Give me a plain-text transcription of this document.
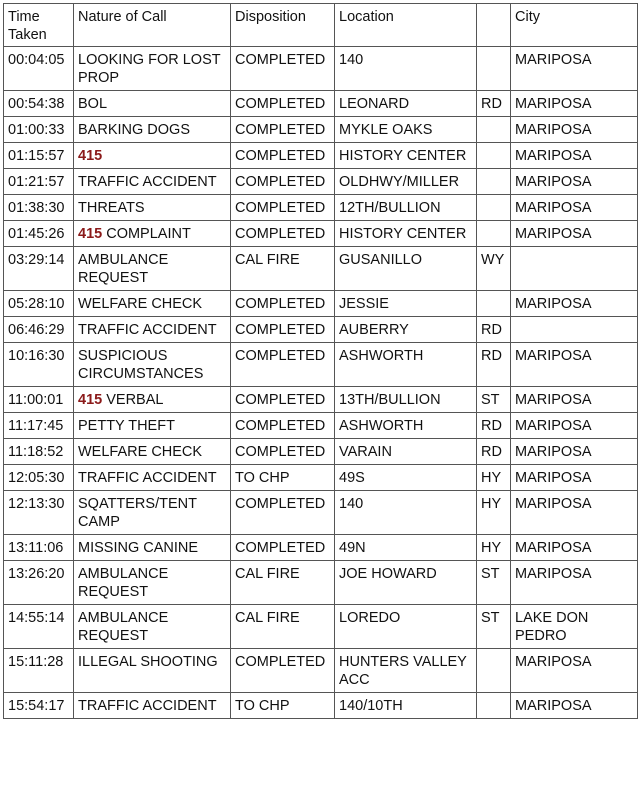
Time Taken	Nature of Call	Disposition	Location		City
00:04:05	LOOKING FOR LOST PROP	COMPLETED	140		MARIPOSA
00:54:38	BOL	COMPLETED	LEONARD	RD	MARIPOSA
01:00:33	BARKING DOGS	COMPLETED	MYKLE OAKS		MARIPOSA
01:15:57	415	COMPLETED	HISTORY CENTER		MARIPOSA
01:21:57	TRAFFIC ACCIDENT	COMPLETED	OLDHWY/MILLER		MARIPOSA
01:38:30	THREATS	COMPLETED	12TH/BULLION		MARIPOSA
01:45:26	415 COMPLAINT	COMPLETED	HISTORY CENTER		MARIPOSA
03:29:14	AMBULANCE REQUEST	CAL FIRE	GUSANILLO	WY	
05:28:10	WELFARE CHECK	COMPLETED	JESSIE		MARIPOSA
06:46:29	TRAFFIC ACCIDENT	COMPLETED	AUBERRY	RD	
10:16:30	SUSPICIOUS CIRCUMSTANCES	COMPLETED	ASHWORTH	RD	MARIPOSA
11:00:01	415 VERBAL	COMPLETED	13TH/BULLION	ST	MARIPOSA
11:17:45	PETTY THEFT	COMPLETED	ASHWORTH	RD	MARIPOSA
11:18:52	WELFARE CHECK	COMPLETED	VARAIN	RD	MARIPOSA
12:05:30	TRAFFIC ACCIDENT	TO CHP	49S	HY	MARIPOSA
12:13:30	SQATTERS/TENT CAMP	COMPLETED	140	HY	MARIPOSA
13:11:06	MISSING CANINE	COMPLETED	49N	HY	MARIPOSA
13:26:20	AMBULANCE REQUEST	CAL FIRE	JOE HOWARD	ST	MARIPOSA
14:55:14	AMBULANCE REQUEST	CAL FIRE	LOREDO	ST	LAKE DON PEDRO
15:11:28	ILLEGAL SHOOTING	COMPLETED	HUNTERS VALLEY ACC		MARIPOSA
15:54:17	TRAFFIC ACCIDENT	TO CHP	140/10TH		MARIPOSA
